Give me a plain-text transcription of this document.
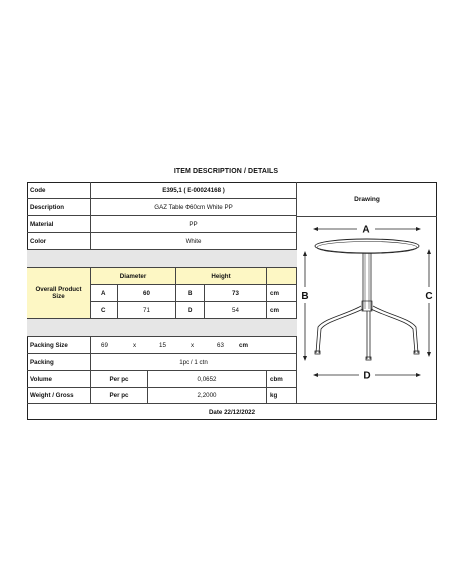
ITEM DESCRIPTION / DETAILS
Code	E395,1 ( E-00024168 )
Description	GAZ Table Φ60cm White PP
Material	PP
Color	White
Overall Product
Size
Diameter	Height
A	60	B	73	cm
C	71	D	54	cm
Packing Size	69	x	15	x	63 cm
Packing	1pc / 1 ctn
Volume	Per pc	0,0652	cbm
Weight / Gross	Per pc	2,2000	kg
Drawing
A
B	C
D
Date 22/12/2022
